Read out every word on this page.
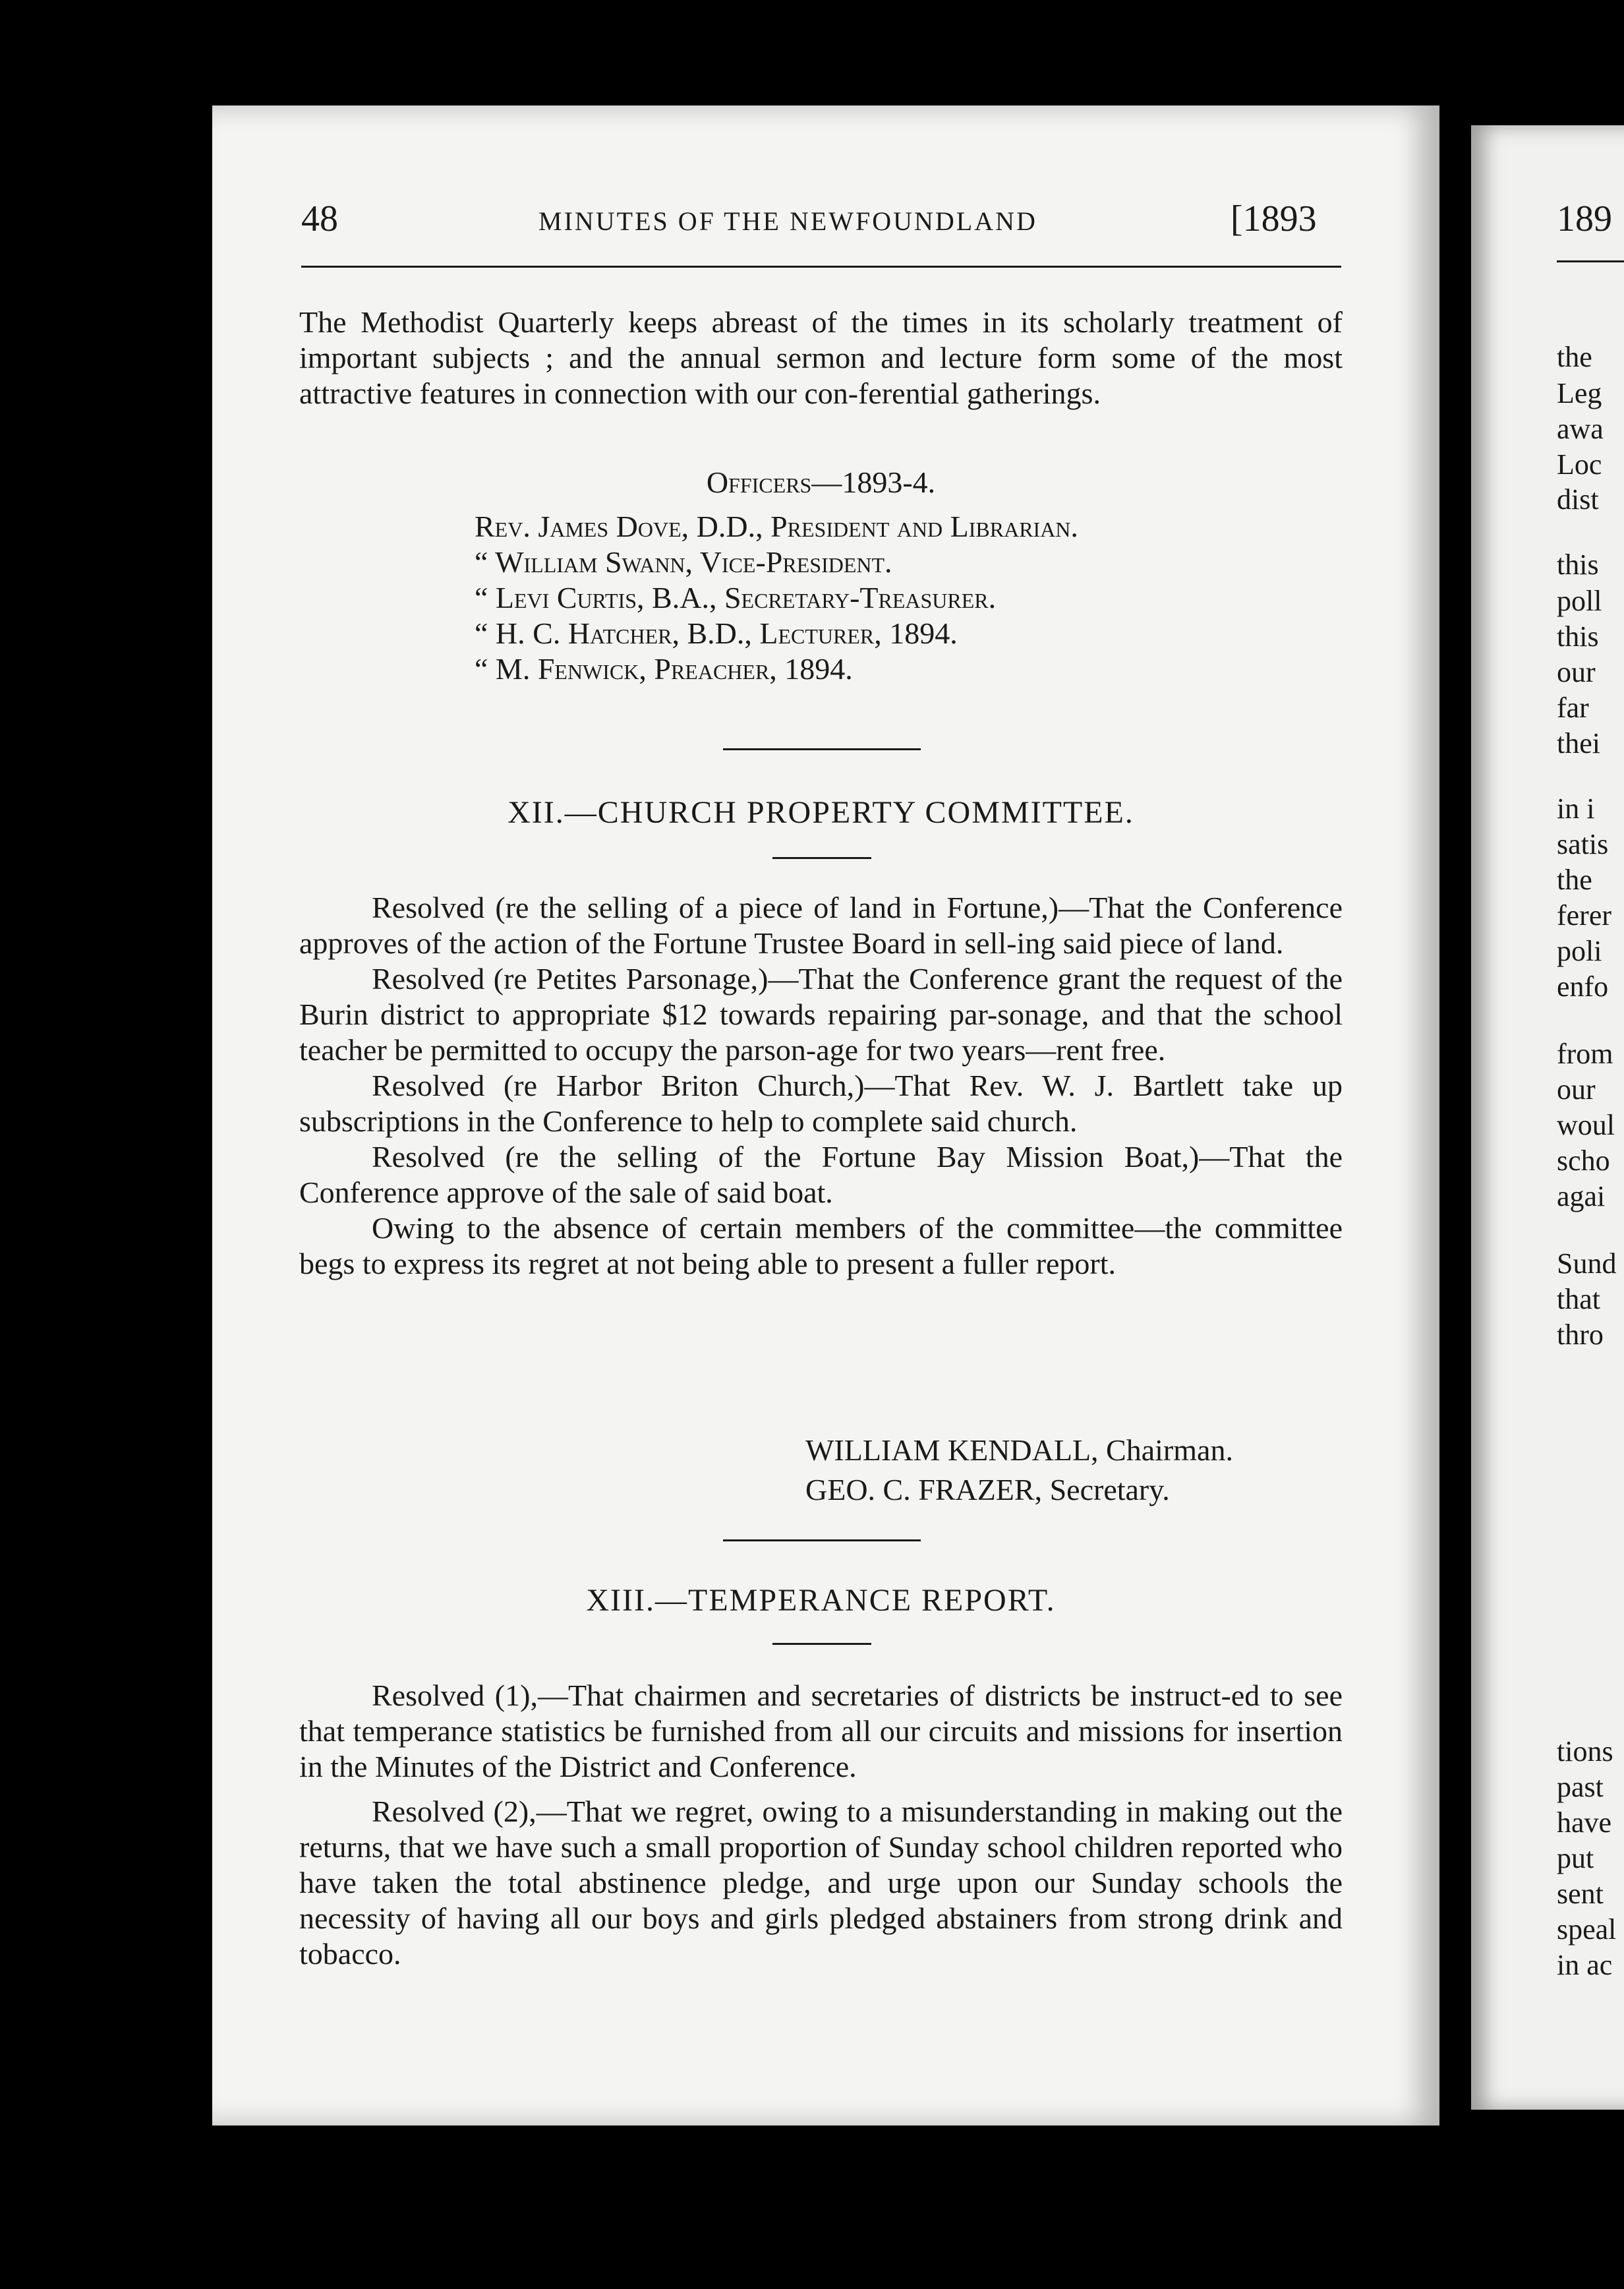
48	MINUTES OF THE NEWFOUNDLAND	[1893

The Methodist Quarterly keeps abreast of the times in its scholarly treatment of important subjects ; and the annual sermon and lecture form some of the most attractive features in connection with our con-ferential gatherings.

Officers—1893-4.
Rev. James Dove, D.D., President and Librarian.
“ William Swann, Vice-President.
“ Levi Curtis, B.A., Secretary-Treasurer.
“ H. C. Hatcher, B.D., Lecturer, 1894.
“ M. Fenwick, Preacher, 1894.
XII.—CHURCH PROPERTY COMMITTEE.

Resolved (re the selling of a piece of land in Fortune,)—That the Conference approves of the action of the Fortune Trustee Board in sell-ing said piece of land.

Resolved (re Petites Parsonage,)—That the Conference grant the request of the Burin district to appropriate $12 towards repairing par-sonage, and that the school teacher be permitted to occupy the parson-age for two years—rent free.

Resolved (re Harbor Briton Church,)—That Rev. W. J. Bartlett take up subscriptions in the Conference to help to complete said church.

Resolved (re the selling of the Fortune Bay Mission Boat,)—That the Conference approve of the sale of said boat.

Owing to the absence of certain members of the committee—the committee begs to express its regret at not being able to present a fuller report.

WILLIAM KENDALL, Chairman.
GEO. C. FRAZER, Secretary.
XIII.—TEMPERANCE REPORT.

Resolved (1),—That chairmen and secretaries of districts be instruct-ed to see that temperance statistics be furnished from all our circuits and missions for insertion in the Minutes of the District and Conference.

Resolved (2),—That we regret, owing to a misunderstanding in making out the returns, that we have such a small proportion of Sunday school children reported who have taken the total abstinence pledge, and urge upon our Sunday schools the necessity of having all our boys and girls pledged abstainers from strong drink and tobacco.

189
the
Leg
awa
Loc
dist
this
poll
this
our
far
thei
in i
satis
the
ferer
poli
enfo
from
our
woul
scho
agai
Sund
that
thro
tions
past
have
put
sent
speal
in ac
